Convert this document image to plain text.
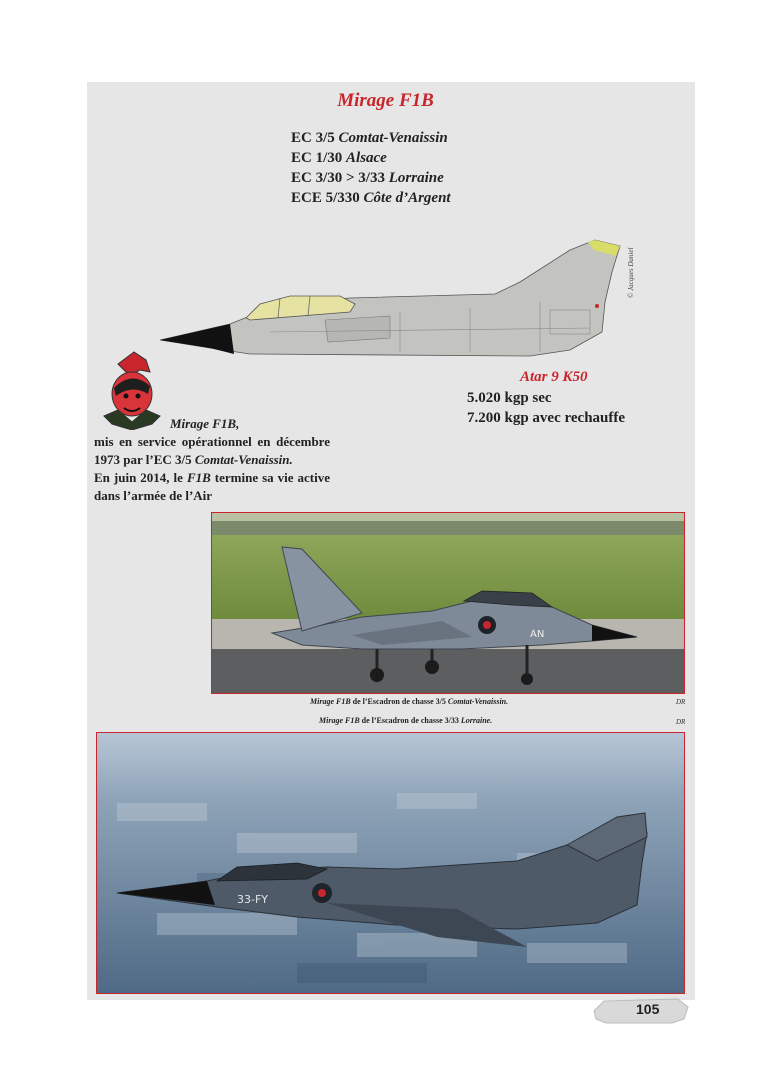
Mirage F1B
EC 3/5 Comtat-Venaissin
EC 1/30 Alsace
EC 3/30 > 3/33 Lorraine
ECE 5/330 Côte d’Argent
© Jacques Daniel
Atar 9 K50
5.020 kgp sec
7.200 kgp avec rechauffe
Mirage F1B,
mis en service opérationnel en décembre 1973 par l’EC 3/5 Comtat-Venaissin.
En juin 2014, le F1B termine sa vie active dans l’armée de l’Air
AN
Mirage F1B de l’Escadron de chasse 3/5 Comtat-Venaissin.	DR
Mirage F1B de l’Escadron de chasse 3/33 Lorraine.	DR
33-FY
105
